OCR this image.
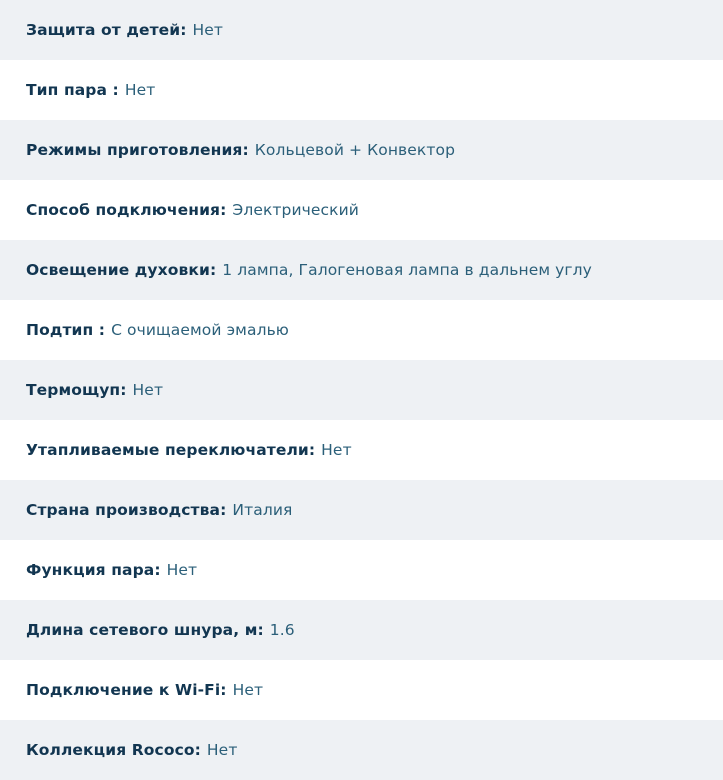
Защита от детей: Нет
Тип пара : Нет
Режимы приготовления: Кольцевой + Конвектор
Способ подключения: Электрический
Освещение духовки: 1 лампа, Галогеновая лампа в дальнем углу
Подтип : С очищаемой эмалью
Термощуп: Нет
Утапливаемые переключатели: Нет
Страна производства: Италия
Функция пара: Нет
Длина сетевого шнура, м: 1.6
Подключение к Wi-Fi: Нет
Коллекция Rococo: Нет
